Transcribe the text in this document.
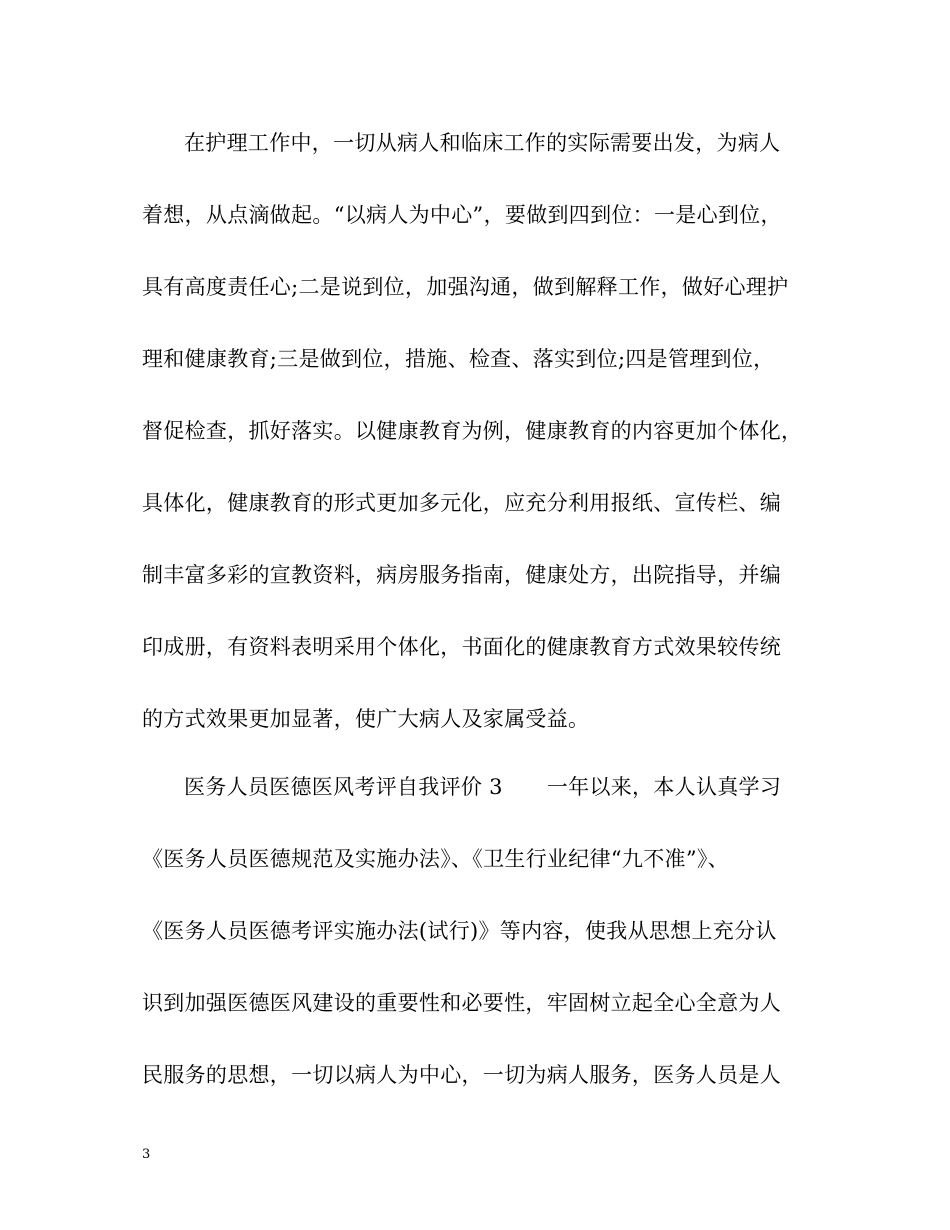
在护理工作中，一切从病人和临床工作的实际需要出发，为病人
着想，从点滴做起。“以病人为中心”，要做到四到位：一是心到位，
具有高度责任心;二是说到位，加强沟通，做到解释工作，做好心理护
理和健康教育;三是做到位，措施、检查、落实到位;四是管理到位，
督促检查，抓好落实。以健康教育为例，健康教育的内容更加个体化，
具体化，健康教育的形式更加多元化，应充分利用报纸、宣传栏、编
制丰富多彩的宣教资料，病房服务指南，健康处方，出院指导，并编
印成册，有资料表明采用个体化，书面化的健康教育方式效果较传统
的方式效果更加显著，使广大病人及家属受益。
医务人员医德医风考评自我评价 3 一年以来，本人认真学习
《医务人员医德规范及实施办法》、《卫生行业纪律“九不准”》、
《医务人员医德考评实施办法(试行)》等内容，使我从思想上充分认
识到加强医德医风建设的重要性和必要性，牢固树立起全心全意为人
民服务的思想，一切以病人为中心，一切为病人服务，医务人员是人
3
